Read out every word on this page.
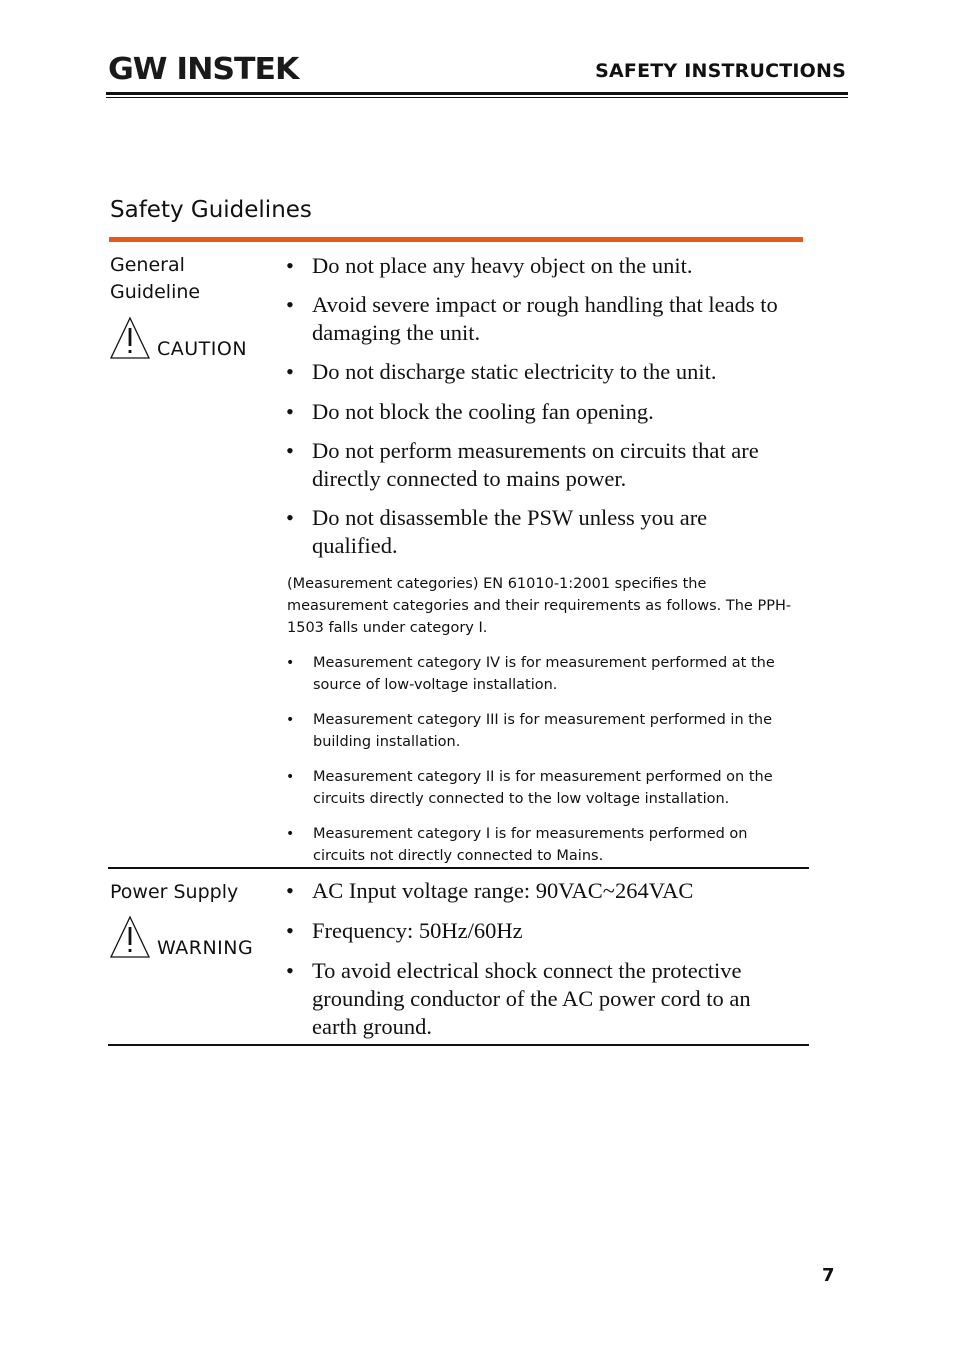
GW INSTEK	SAFETY INSTRUCTIONS
Safety Guidelines
General
Guideline
CAUTION
• Do not place any heavy object on the unit.
• Avoid severe impact or rough handling that leads to damaging the unit.
• Do not discharge static electricity to the unit.
• Do not block the cooling fan opening.
• Do not perform measurements on circuits that are directly connected to mains power.
• Do not disassemble the PSW unless you are qualified.
(Measurement categories) EN 61010-1:2001 specifies the measurement categories and their requirements as follows. The PPH-1503 falls under category I.
• Measurement category IV is for measurement performed at the source of low-voltage installation.
• Measurement category III is for measurement performed in the building installation.
• Measurement category II is for measurement performed on the circuits directly connected to the low voltage installation.
• Measurement category I is for measurements performed on circuits not directly connected to Mains.
Power Supply
WARNING
• AC Input voltage range: 90VAC~264VAC
• Frequency: 50Hz/60Hz
• To avoid electrical shock connect the protective grounding conductor of the AC power cord to an earth ground.
7
